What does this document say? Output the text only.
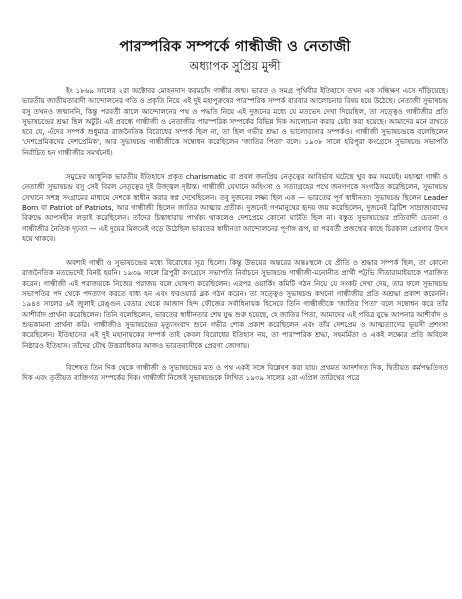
পারস্পরিক সম্পর্কে গান্ধীজী ও নেতাজী
অধ্যাপক সুপ্রিয় মুন্সী

ইং ১৮৬৯ সালের ২রা অক্টোবর মোহনদাস করমচাঁদ গান্ধীর জন্ম। ভারত ও সমগ্র পৃথিবীর ইতিহাসে তখন এক সন্ধিক্ষণ এসে দাঁড়িয়েছে। ভারতীয় জাতীয়তাবাদী আন্দোলনের গতি ও প্রকৃতি নিয়ে এই দুই মহাপুরুষের পারস্পরিক সম্পর্ক বারবার আলোচনার বিষয় হয়ে উঠেছে। নেতাজী সুভাষচন্দ্র বসু তখনও জন্মাননি, কিন্তু পরবর্তী কালে আন্দোলনের পথ ও পদ্ধতি নিয়ে এই দুজনের মধ্যে যে মতভেদ দেখা দিয়েছিল, তা সত্ত্বেও গান্ধীজীর প্রতি সুভাষচন্দ্রের শ্রদ্ধা ছিল অটুট। এই প্রবন্ধে গান্ধীজী ও নেতাজীর পারস্পরিক সম্পর্কের বিভিন্ন দিক আলোচনা করার চেষ্টা করা হয়েছে। আমাদের মনে রাখতে হবে যে, এঁদের সম্পর্ক শুধুমাত্র রাজনৈতিক বিরোধের সম্পর্ক ছিল না, তা ছিল গভীর শ্রদ্ধা ও ভালোবাসার সম্পর্কও। গান্ধীজী সুভাষচন্দ্রকে বলেছিলেন 'দেশপ্রেমিকদের দেশপ্রেমিক', আর সুভাষচন্দ্র গান্ধীজীকে সম্বোধন করেছিলেন 'জাতির পিতা' বলে। ১৯৩৮ সালে হরিপুরা কংগ্রেসে সুভাষচন্দ্র সভাপতি নির্বাচিত হন গান্ধীজীর সমর্থনেই।

সমুদ্রের আধুনিক ভারতীয় ইতিহাসে প্রকৃত charismatic বা প্রবল জনপ্রিয় নেতৃত্বের আবির্ভাব ঘটেছে খুব কম সময়েই। মহাত্মা গান্ধী ও নেতাজী সুভাষচন্দ্র বসু সেই বিরল নেতৃত্বের দুই উজ্জ্বল দৃষ্টান্ত। গান্ধীজী যেখানে অহিংসা ও সত্যাগ্রহের পথে জনগণকে সংগঠিত করেছিলেন, সুভাষচন্দ্র সেখানে সশস্ত্র সংগ্রামের মাধ্যমে দেশকে স্বাধীন করার স্বপ্ন দেখেছিলেন। তবু দুজনের লক্ষ্য ছিল এক — ভারতের পূর্ণ স্বাধীনতা। সুভাষচন্দ্র ছিলেন Leader Born বা Patriot of Patriots, আর গান্ধীজী ছিলেন জাতির আত্মার প্রতীক। দুজনেই গণমানুষের হৃদয় জয় করেছিলেন, দুজনেই ব্রিটিশ সাম্রাজ্যবাদের বিরুদ্ধে আপসহীন লড়াই করেছিলেন। তাঁদের চিন্তাধারায় পার্থক্য থাকলেও দেশপ্রেমে কোনো ঘাটতি ছিল না। বস্তুত সুভাষচন্দ্রের প্রতিবাদী চেতনা ও গান্ধীজীর নৈতিক দৃঢ়তা — এই দুয়ের মিলনেই গড়ে উঠেছিল ভারতের স্বাধীনতা আন্দোলনের পূর্ণাঙ্গ রূপ, যা পরবর্তী প্রজন্মের কাছে চিরকাল প্রেরণার উৎস হয়ে থাকবে।

অবশ্যই গান্ধী ও সুভাষচন্দ্রের মধ্যে বিরোধের সূত্র ছিলো। কিন্তু উভয়ের অন্তরের অন্তঃস্থলে যে প্রীতি ও শ্রদ্ধার সম্পর্ক ছিল, তা কোনো রাজনৈতিক মতভেদেই বিনষ্ট হয়নি। ১৯৩৯ সালে ত্রিপুরী কংগ্রেসে সভাপতি নির্বাচনে সুভাষচন্দ্র গান্ধীজী-মনোনীত প্রার্থী পট্টভি সীতারামাইয়াকে পরাজিত করেন। গান্ধীজী এই পরাজয়কে নিজের পরাজয় বলে ঘোষণা করেছিলেন। এরপর ওয়ার্কিং কমিটি গঠন নিয়ে যে সংকট দেখা দেয়, তার ফলে সুভাষচন্দ্র সভাপতির পদ থেকে পদত্যাগ করতে বাধ্য হন এবং ফরওয়ার্ড ব্লক গঠন করেন। তা সত্ত্বেও সুভাষচন্দ্র কখনো গান্ধীজীর প্রতি অশ্রদ্ধা প্রকাশ করেননি। ১৯৪৪ সালের ৬ই জুলাই রেঙ্গুন বেতার থেকে আজাদ হিন্দ ফৌজের সর্বাধিনায়ক হিসেবে তিনি গান্ধীজীকে 'জাতির পিতা' বলে সম্বোধন করে তাঁর আশীর্বাদ প্রার্থনা করেছিলেন। তিনি বলেছিলেন, ভারতের স্বাধীনতার শেষ যুদ্ধ শুরু হয়েছে, হে জাতির পিতা, আমাদের এই পবিত্র যুদ্ধে আপনার আশীর্বাদ ও শুভকামনা প্রার্থনা করি। গান্ধীজীও সুভাষচন্দ্রের মৃত্যুসংবাদ শুনে গভীর শোক প্রকাশ করেছিলেন এবং তাঁর দেশপ্রেম ও আত্মত্যাগের ভূয়সী প্রশংসা করেছিলেন। ইতিহাসের এই দুই মহানায়কের সম্পর্ক তাই কেবল বিরোধের ইতিহাস নয়, তা পারস্পরিক শ্রদ্ধা, সহমর্মিতা ও একই লক্ষ্যের প্রতি অবিচল নিষ্ঠারও ইতিহাস। তাঁদের যৌথ উত্তরাধিকার আজও ভারতবাসীকে প্রেরণা জোগায়।

বিশেষত তিন দিক থেকে গান্ধীজী ও সুভাষচন্দ্রের মত ও পথ একই সঙ্গে বিশ্লেষণ করা যায়। প্রথমত আদর্শগত দিক, দ্বিতীয়ত কর্মপদ্ধতিগত দিক এবং তৃতীয়ত ব্যক্তিগত সম্পর্কের দিক। গান্ধীজী নিজেই সুভাষচন্দ্রকে লিখিত ১৯৩৯ সালের ২রা এপ্রিল তারিখের পত্রে
